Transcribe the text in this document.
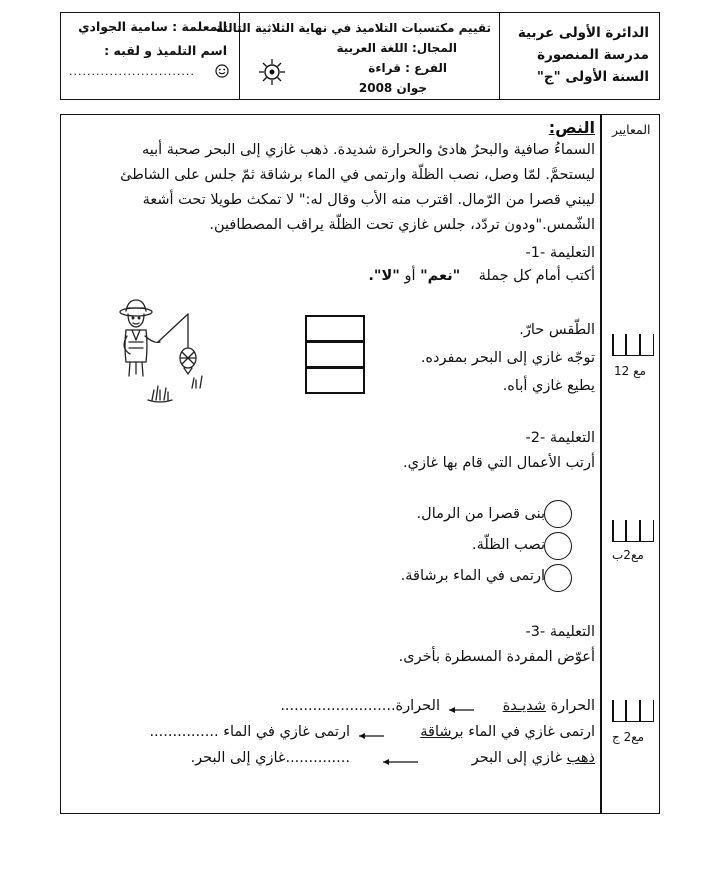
الدائرة الأولى عربية
مدرسة المنصورة
السنة الأولى "ج"
تقييم مكتسبات التلاميذ في نهاية الثلاثية الثالثة
المجال: اللغة العربية
الفرع : قراءة
جوان 2008
المعلمة : سامية الجوادي
اسم التلميذ و لقبه :
............................
المعايير
النص:
السماءُ صافية والبحرُ هادئ والحرارة شديدة. ذهب غازي إلى البحر صحبة أبيه
ليستحمَّ. لمّا وصل، نصب الظلّة وارتمى في الماء برشاقة ثمّ جلس على الشاطئ
ليبني قصرا من الرّمال. اقترب منه الأب وقال له:" لا تمكث طويلا تحت أشعة
الشّمس."ودون تردّد، جلس غازي تحت الظلّة يراقب المصطافين.
التعليمة -1-
أكتب أمام كل جملة    "نعم" أو "لا".
الطّقس حارّ.
توجّه غازي إلى البحر بمفرده.
يطيع غازي أباه.
التعليمة -2-
أرتب الأعمال التي قام بها غازي.
بنى قصرا من الرمال.
نصب الظلّة.
ارتمى في الماء برشاقة.
التعليمة -3-
أعوّض المفردة المسطرة بأخرى.
الحرارة شديـدة
الحرارة.........................
ارتمى غازي في الماء برشاقة
ارتمى غازي في الماء ...............
ذهب غازي إلى البحر
..............غازي إلى البحر.
مع 12
مع2ب
مع2 ج
